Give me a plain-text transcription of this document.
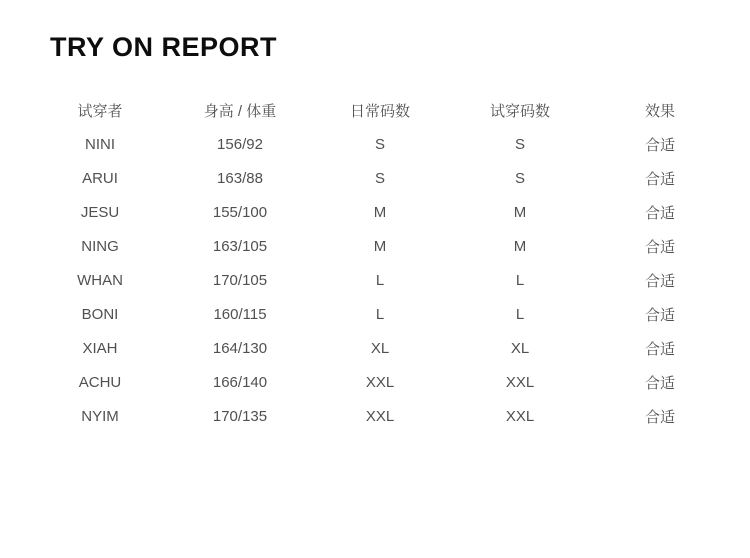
TRY ON REPORT
试穿者	身高 / 体重	日常码数	试穿码数	效果
NINI	156/92	S	S	合适
ARUI	163/88	S	S	合适
JESU	155/100	M	M	合适
NING	163/105	M	M	合适
WHAN	170/105	L	L	合适
BONI	160/115	L	L	合适
XIAH	164/130	XL	XL	合适
ACHU	166/140	XXL	XXL	合适
NYIM	170/135	XXL	XXL	合适
